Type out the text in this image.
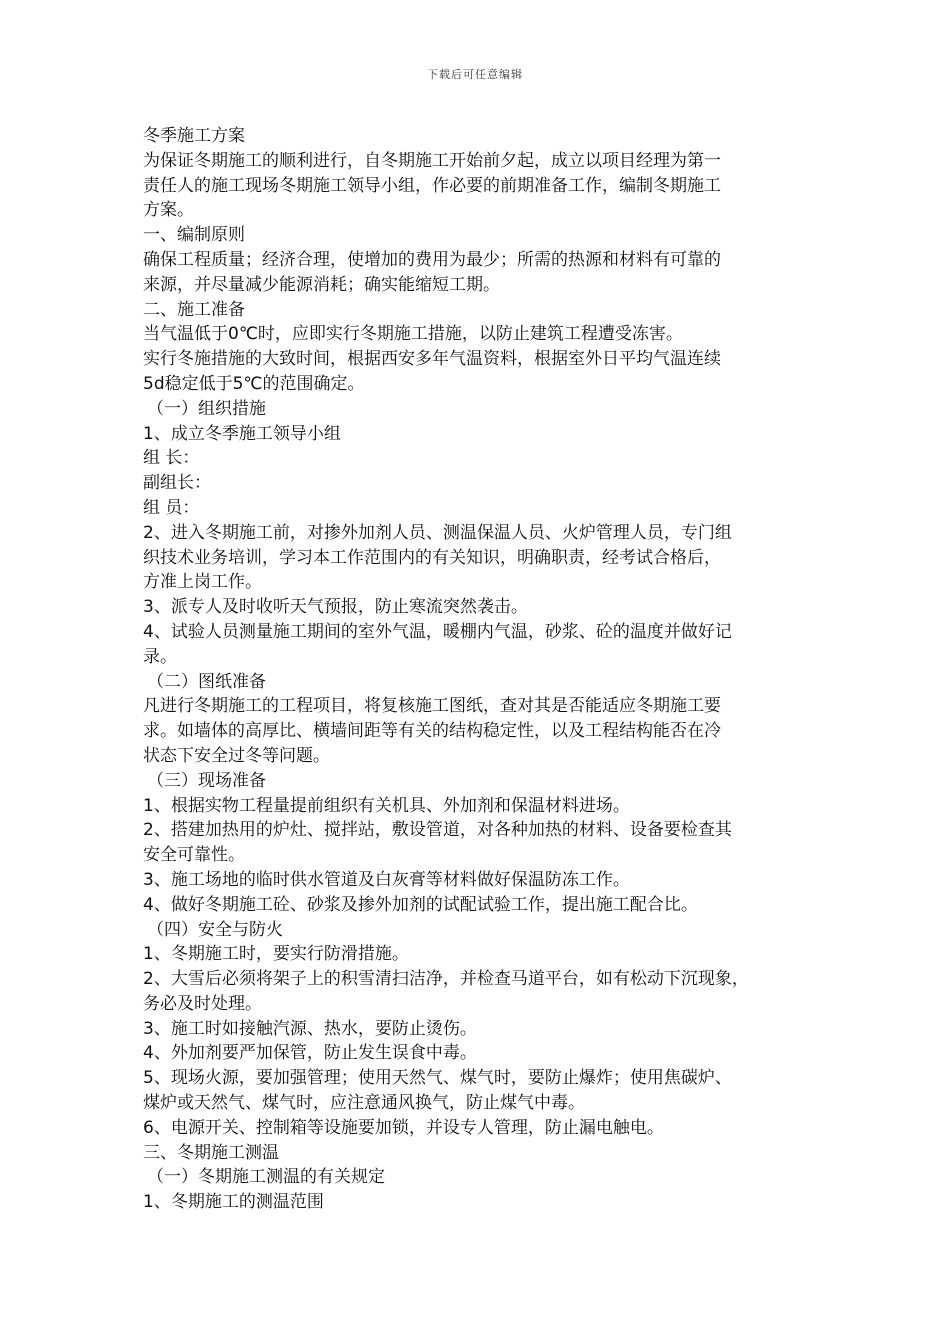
下载后可任意编辑
冬季施工方案
为保证冬期施工的顺利进行，自冬期施工开始前夕起，成立以项目经理为第一
责任人的施工现场冬期施工领导小组，作必要的前期准备工作，编制冬期施工
方案。
一、编制原则
确保工程质量；经济合理，使增加的费用为最少；所需的热源和材料有可靠的
来源，并尽量减少能源消耗；确实能缩短工期。
二、施工准备
当气温低于0℃时，应即实行冬期施工措施，以防止建筑工程遭受冻害。
实行冬施措施的大致时间，根据西安多年气温资料，根据室外日平均气温连续
5d稳定低于5℃的范围确定。
（一）组织措施
1、成立冬季施工领导小组
组 长：
副组长：
组 员：
2、进入冬期施工前，对掺外加剂人员、测温保温人员、火炉管理人员，专门组
织技术业务培训，学习本工作范围内的有关知识，明确职责，经考试合格后，
方准上岗工作。
3、派专人及时收听天气预报，防止寒流突然袭击。
4、试验人员测量施工期间的室外气温，暖棚内气温，砂浆、砼的温度并做好记
录。
（二）图纸准备
凡进行冬期施工的工程项目，将复核施工图纸，查对其是否能适应冬期施工要
求。如墙体的高厚比、横墙间距等有关的结构稳定性，以及工程结构能否在冷
状态下安全过冬等问题。
（三）现场准备
1、根据实物工程量提前组织有关机具、外加剂和保温材料进场。
2、搭建加热用的炉灶、搅拌站，敷设管道，对各种加热的材料、设备要检查其
安全可靠性。
3、施工场地的临时供水管道及白灰膏等材料做好保温防冻工作。
4、做好冬期施工砼、砂浆及掺外加剂的试配试验工作，提出施工配合比。
（四）安全与防火
1、冬期施工时，要实行防滑措施。
2、大雪后必须将架子上的积雪清扫洁净，并检查马道平台，如有松动下沉现象，
务必及时处理。
3、施工时如接触汽源、热水，要防止烫伤。
4、外加剂要严加保管，防止发生误食中毒。
5、现场火源，要加强管理；使用天然气、煤气时，要防止爆炸；使用焦碳炉、
煤炉或天然气、煤气时，应注意通风换气，防止煤气中毒。
6、电源开关、控制箱等设施要加锁，并设专人管理，防止漏电触电。
三、冬期施工测温
（一）冬期施工测温的有关规定
1、冬期施工的测温范围
